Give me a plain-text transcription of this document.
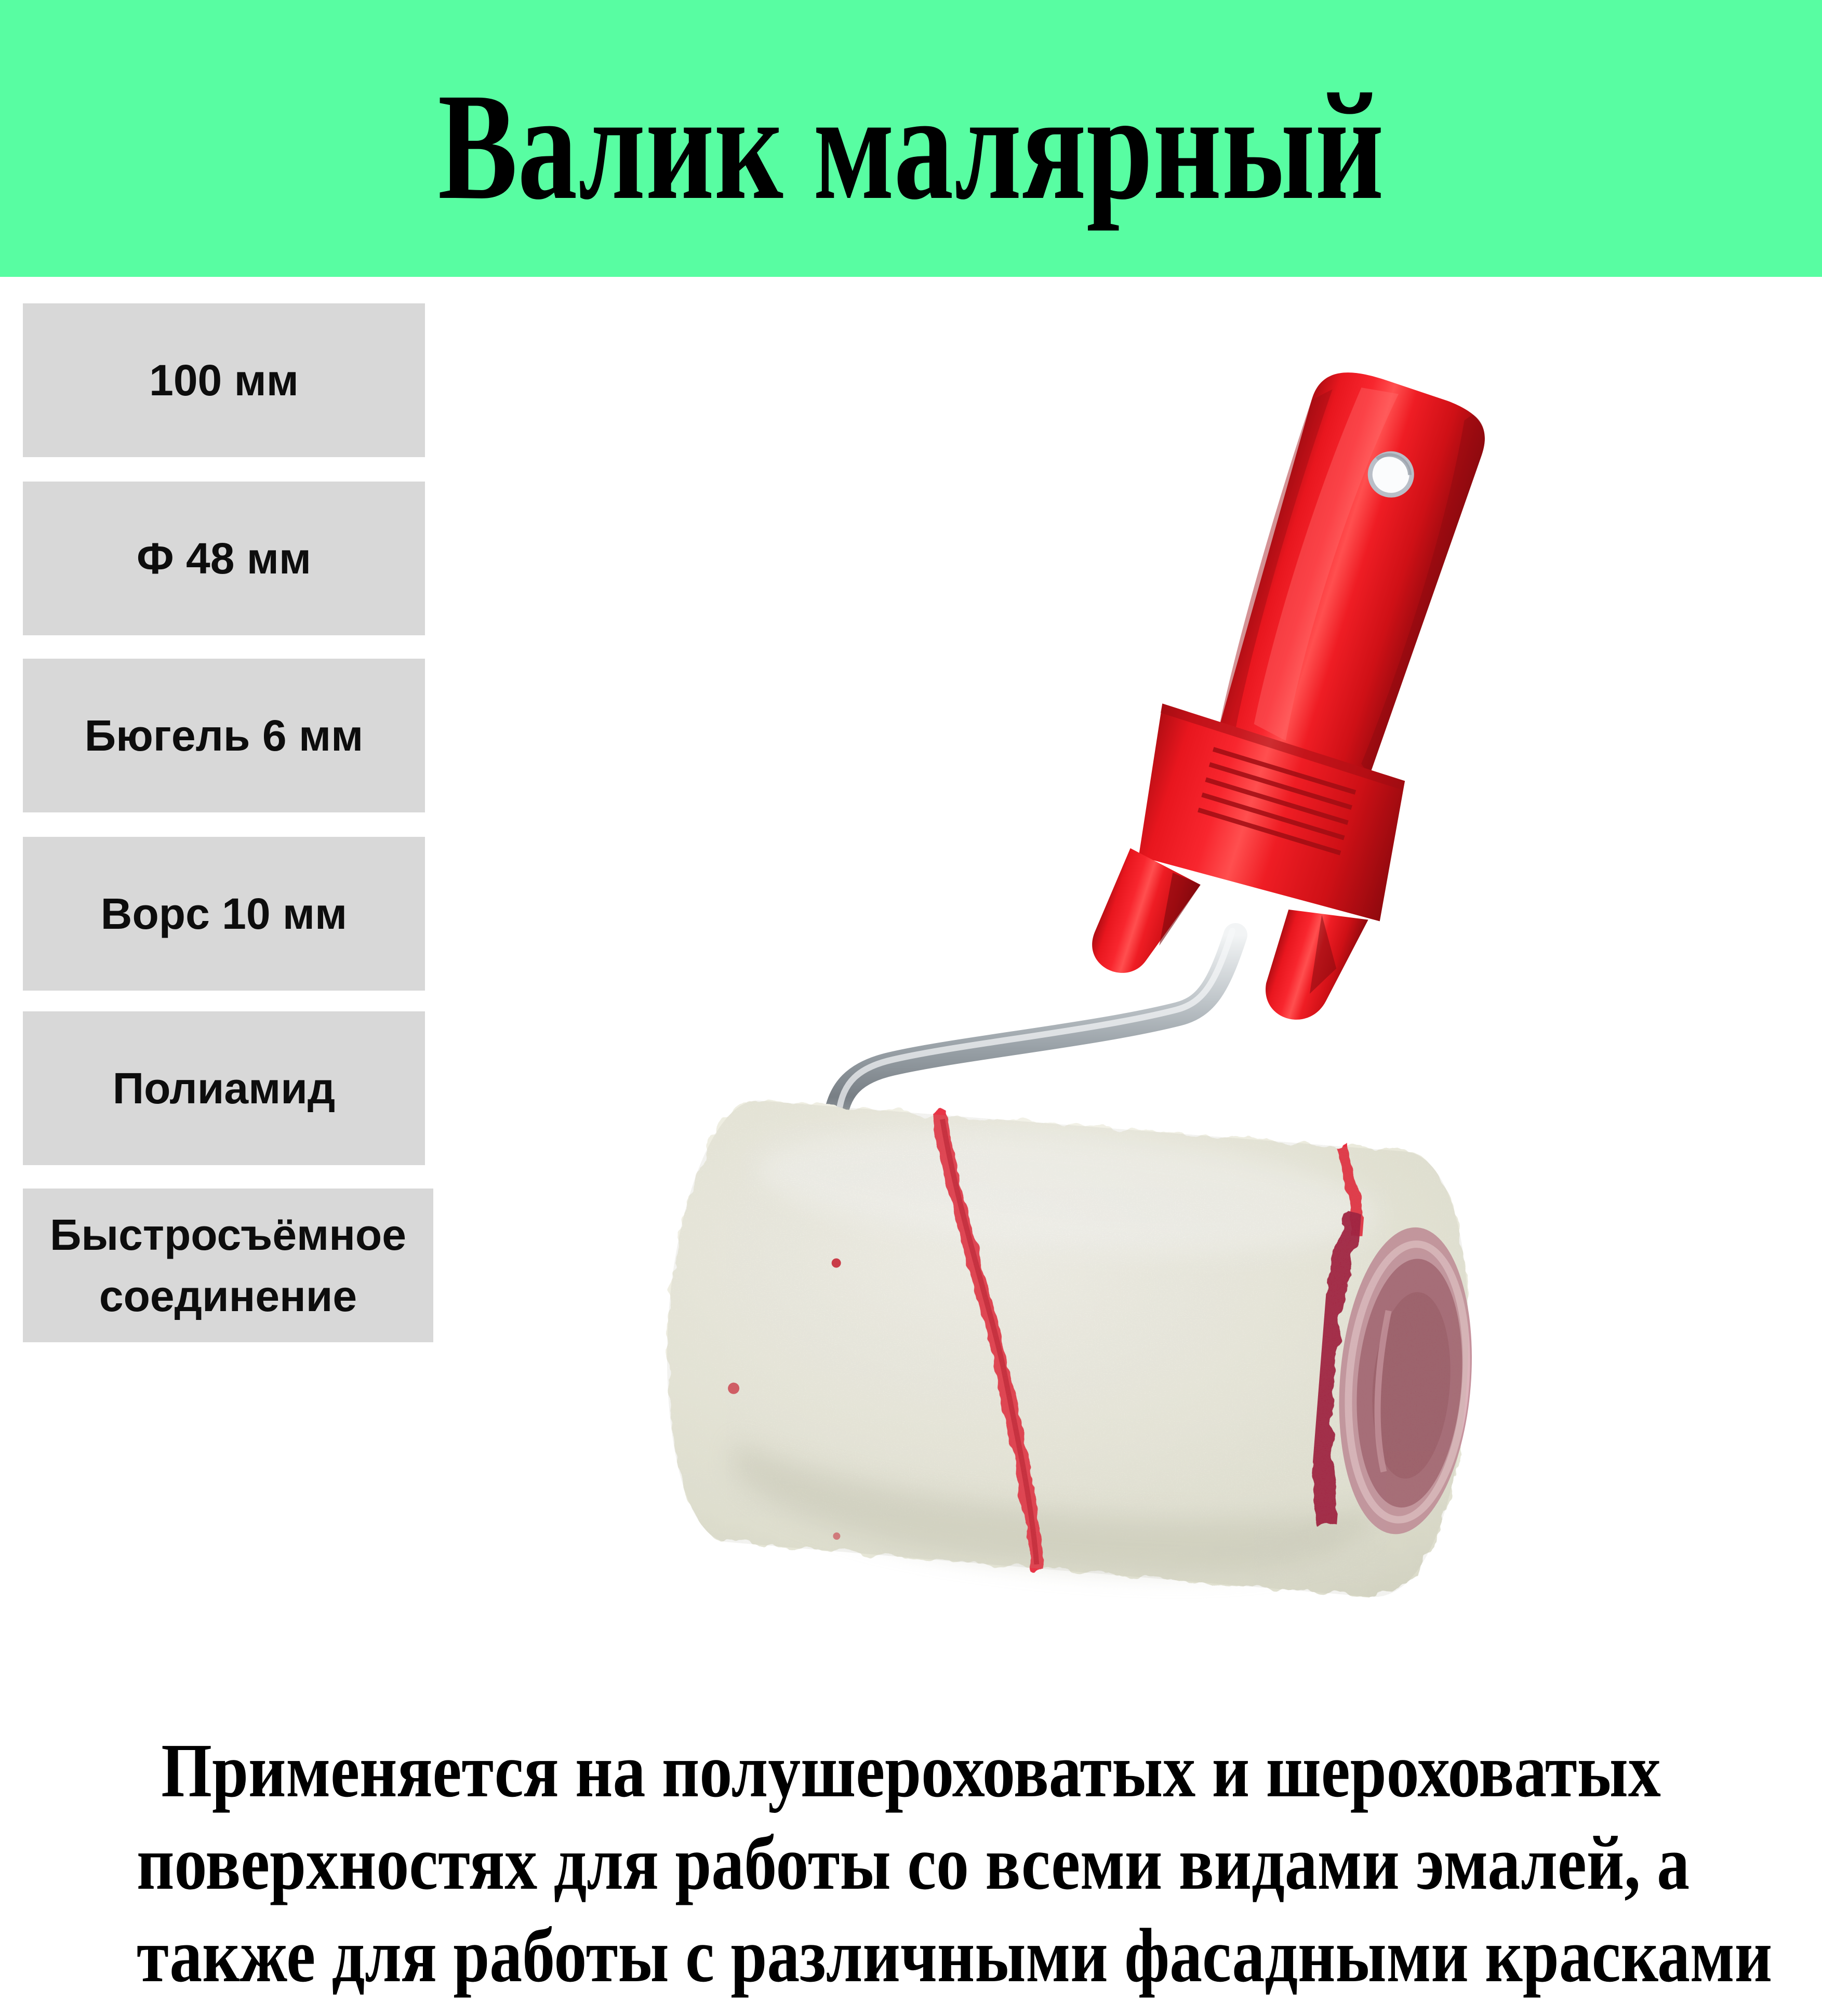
Валик малярный
100 мм
Ф 48 мм
Бюгель 6 мм
Ворс 10 мм
Полиамид
Быстросъёмное соединение

Применяется на полушероховатых и шероховатых

поверхностях для работы со всеми видами эмалей, а

также для работы с различными фасадными красками
